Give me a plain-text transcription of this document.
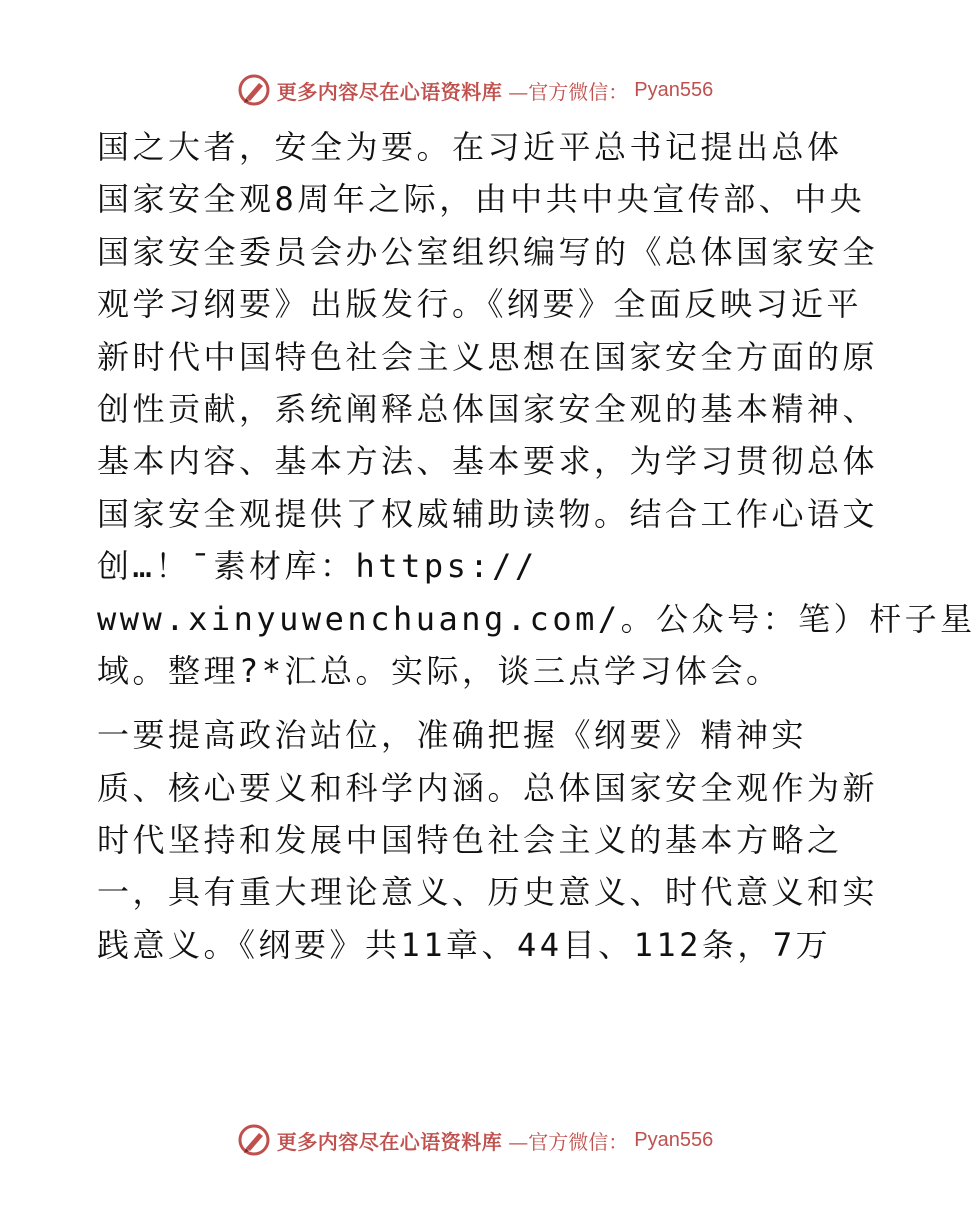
更多内容尽在心语资料库 —官方微信： Pyan556
国之大者，安全为要。在习近平总书记提出总体
国家安全观8周年之际，由中共中央宣传部、中央
国家安全委员会办公室组织编写的《总体国家安全
观学习纲要》出版发行。《纲要》全面反映习近平
新时代中国特色社会主义思想在国家安全方面的原
创性贡献，系统阐释总体国家安全观的基本精神、
基本内容、基本方法、基本要求，为学习贯彻总体
国家安全观提供了权威辅助读物。结合工作心语文
创…！¯素材库：https://
www.xinyuwenchuang.com/。公众号：笔）杆子星
域。整理?*汇总。实际，谈三点学习体会。
一要提高政治站位，准确把握《纲要》精神实
质、核心要义和科学内涵。总体国家安全观作为新
时代坚持和发展中国特色社会主义的基本方略之
一，具有重大理论意义、历史意义、时代意义和实
践意义。《纲要》共11章、44目、112条，7万
更多内容尽在心语资料库 —官方微信： Pyan556
